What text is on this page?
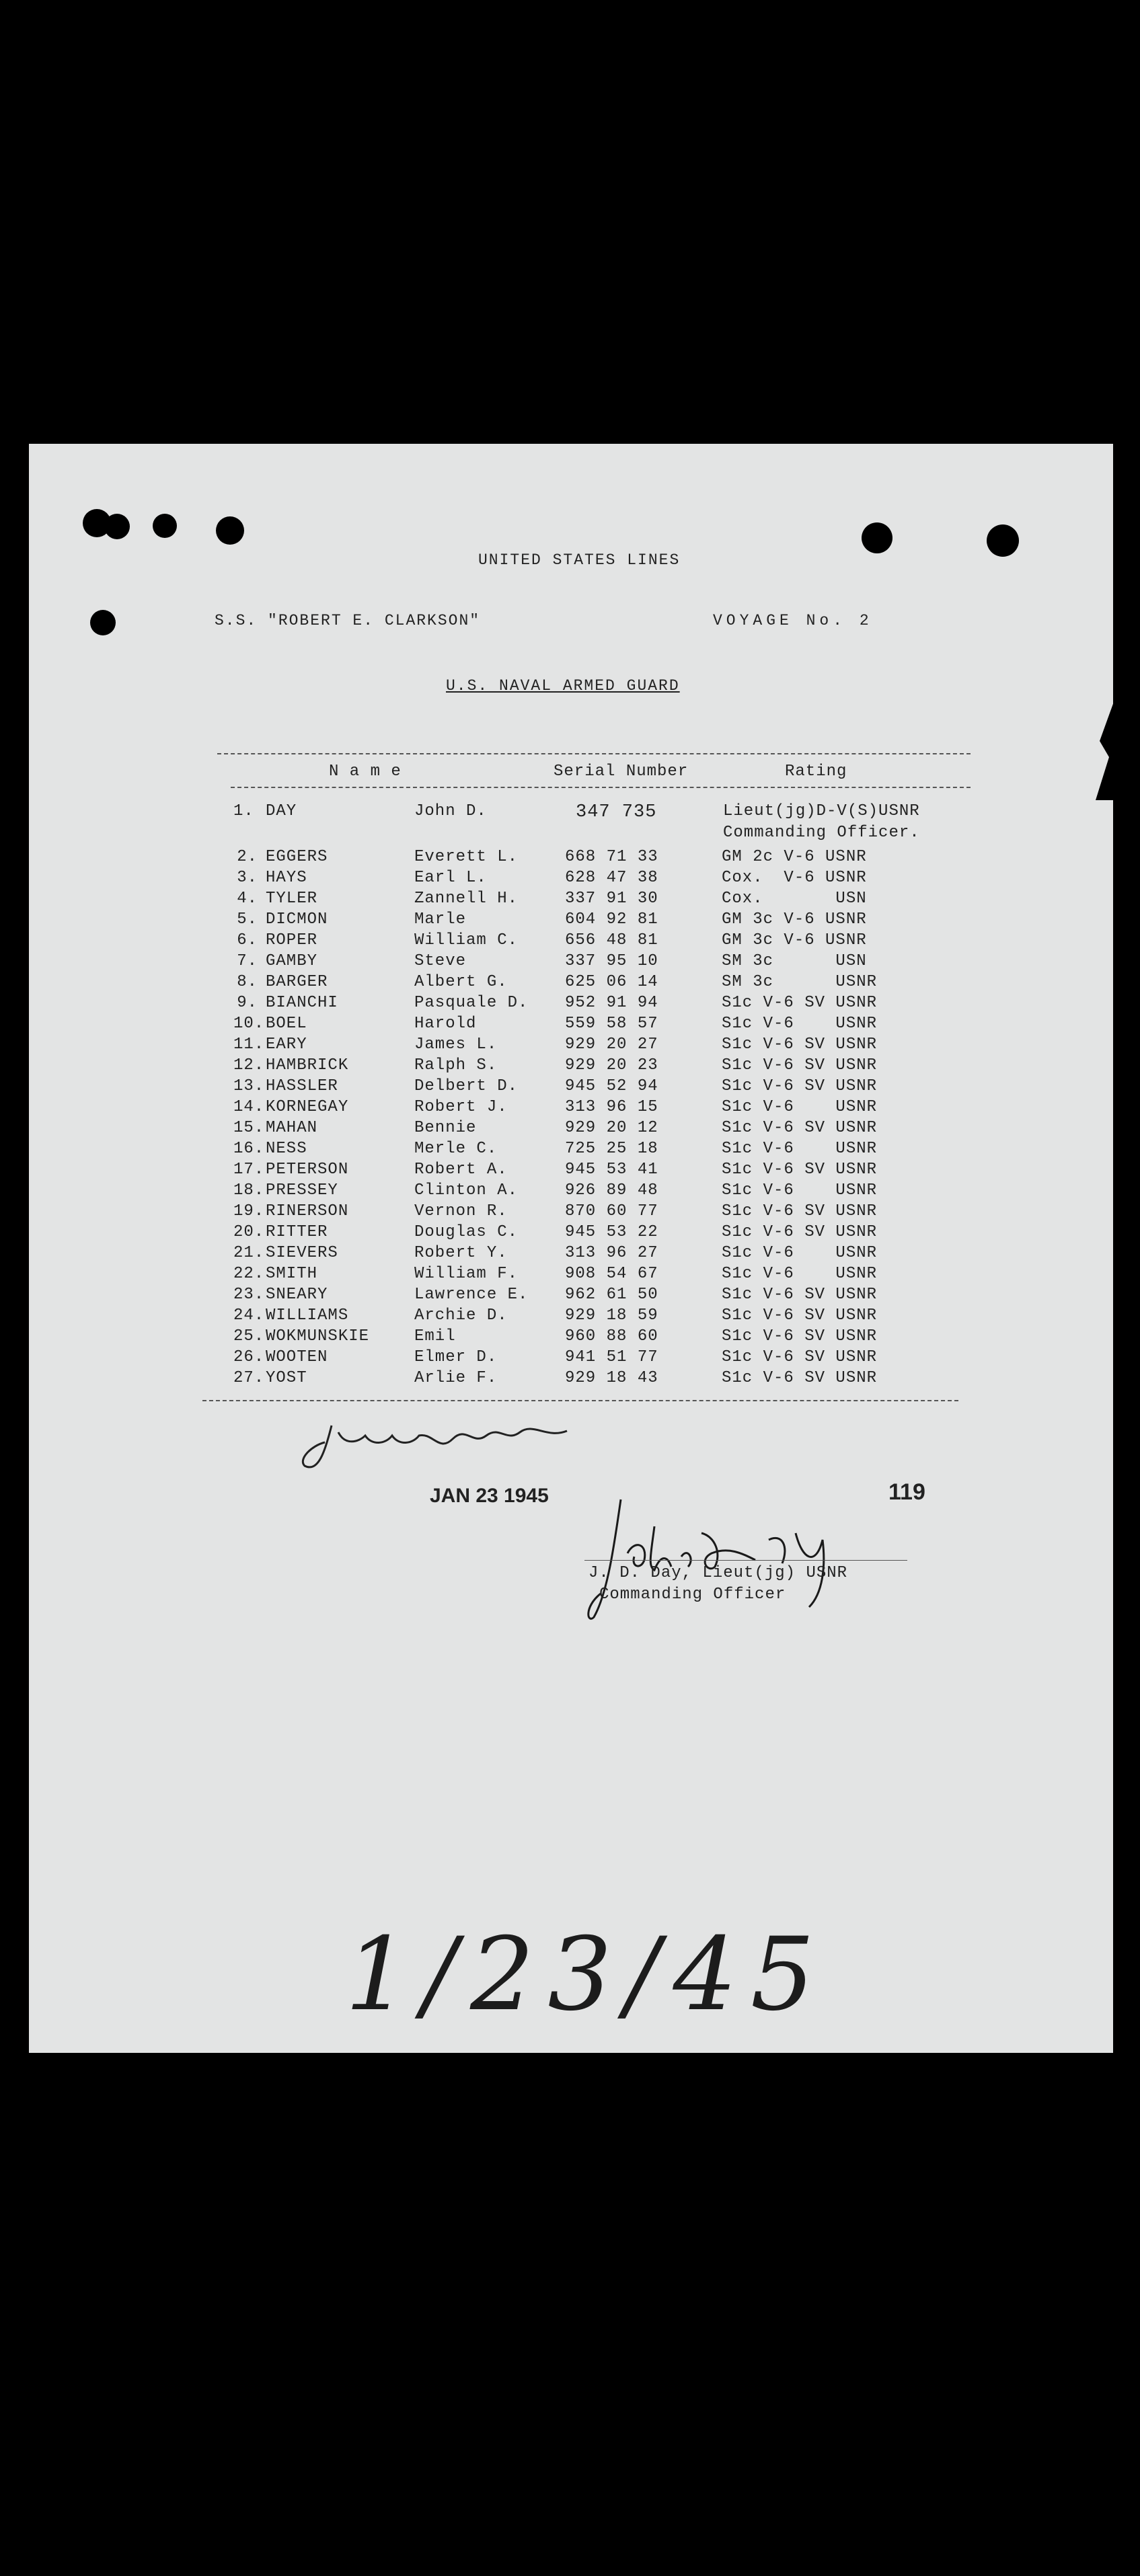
UNITED STATES LINES
S.S. "ROBERT E. CLARKSON"	VOYAGE No. 2
U.S. NAVAL ARMED GUARD
N a m e	Serial Number	Rating
1. DAY	John D.	347 735	Lieut(jg)D-V(S)USNR
Commanding Officer.
2. EGGERS	Everett L.	668 71 33	GM 2c V-6 USNR
3. HAYS	Earl L.	628 47 38	Cox.  V-6 USNR
4. TYLER	Zannell H.	337 91 30	Cox.       USN
5. DICMON	Marle	604 92 81	GM 3c V-6 USNR
6. ROPER	William C.	656 48 81	GM 3c V-6 USNR
7. GAMBY	Steve	337 95 10	SM 3c      USN
8. BARGER	Albert G.	625 06 14	SM 3c      USNR
9. BIANCHI	Pasquale D. 952 91 94	S1c V-6 SV USNR
10. BOEL	Harold	559 58 57	S1c V-6    USNR
11. EARY	James L.	929 20 27	S1c V-6 SV USNR
12. HAMBRICK	Ralph S.	929 20 23	S1c V-6 SV USNR
13. HASSLER	Delbert D.	945 52 94	S1c V-6 SV USNR
14. KORNEGAY	Robert J.	313 96 15	S1c V-6    USNR
15. MAHAN	Bennie	929 20 12	S1c V-6 SV USNR
16. NESS	Merle C.	725 25 18	S1c V-6    USNR
17. PETERSON	Robert A.	945 53 41	S1c V-6 SV USNR
18. PRESSEY	Clinton A.	926 89 48	S1c V-6    USNR
19. RINERSON	Vernon R.	870 60 77	S1c V-6 SV USNR
20. RITTER	Douglas C.	945 53 22	S1c V-6 SV USNR
21. SIEVERS	Robert Y.	313 96 27	S1c V-6    USNR
22. SMITH	William F.	908 54 67	S1c V-6    USNR
23. SNEARY	Lawrence E. 962 61 50	S1c V-6 SV USNR
24. WILLIAMS	Archie D.	929 18 59	S1c V-6 SV USNR
25. WOKMUNSKIE	Emil	960 88 60	S1c V-6 SV USNR
26. WOOTEN	Elmer D.	941 51 77	S1c V-6 SV USNR
27. YOST	Arlie F.	929 18 43	S1c V-6 SV USNR
JAN 23 1945	119
J. D. Day, Lieut(jg) USNR
Commanding Officer
1/23/45
